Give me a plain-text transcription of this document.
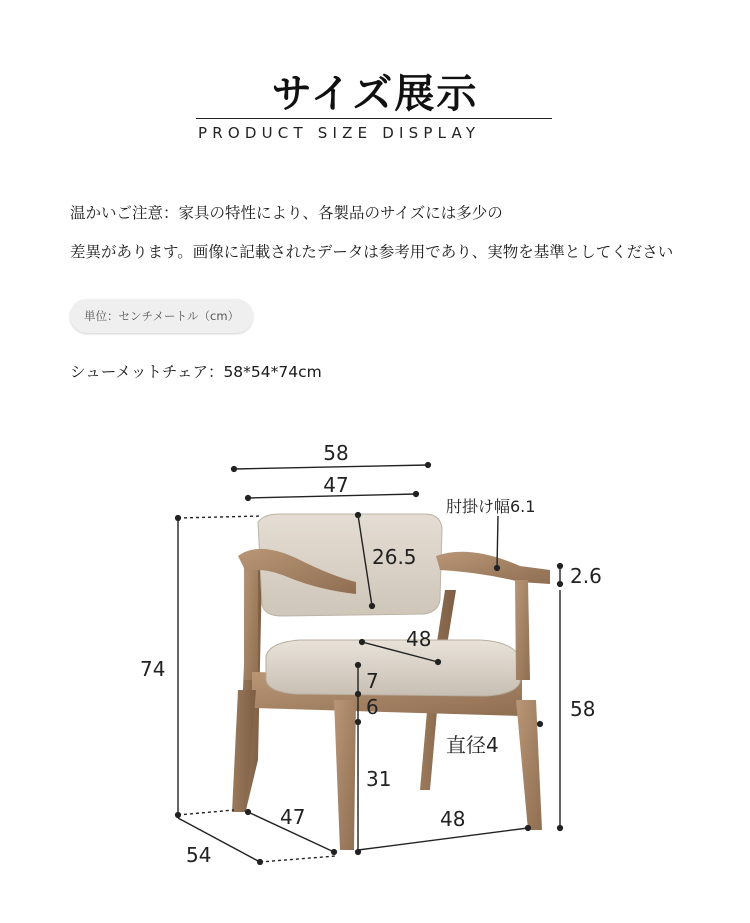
サイズ展示
PRODUCT SIZE DISPLAY
温かいご注意：家具の特性により、各製品のサイズには多少の
差異があります。画像に記載されたデータは参考用であり、実物を基準としてください
単位：センチメートル（cm）
シューメットチェア：58*54*74cm
58
47
肘掛け幅6.1
26.5
2.6
48
74	7
6	58
直径4
31
47	48
54
